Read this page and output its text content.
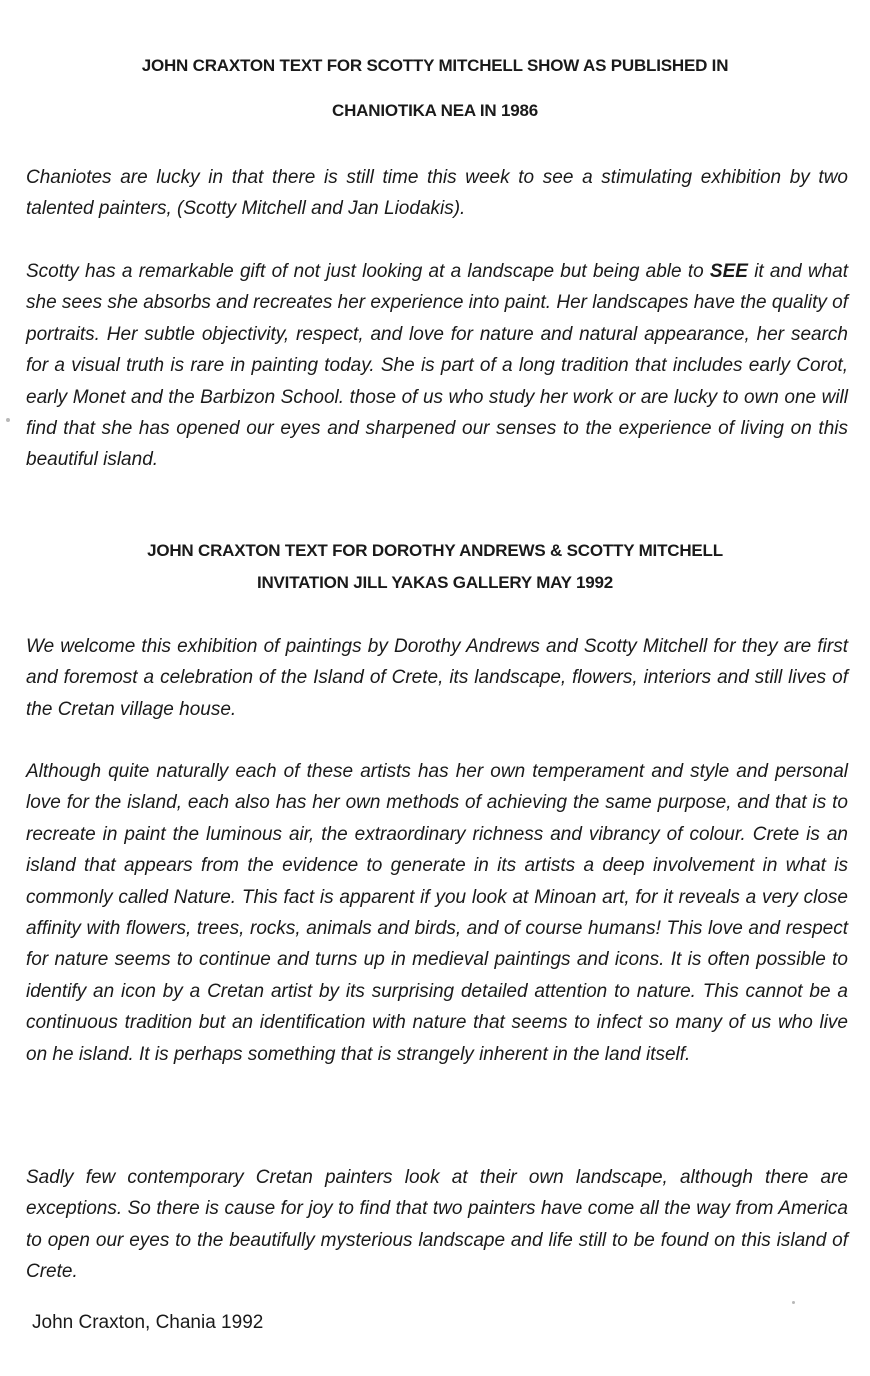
JOHN CRAXTON TEXT FOR SCOTTY MITCHELL SHOW AS PUBLISHED IN
CHANIOTIKA NEA IN 1986

Chaniotes are lucky in that there is still time this week to see a stimulating exhibition by two talented painters, (Scotty Mitchell and Jan Liodakis).

Scotty has a remarkable gift of not just looking at a landscape but being able to SEE it and what she sees she absorbs and recreates her experience into paint. Her landscapes have the quality of portraits. Her subtle objectivity, respect, and love for nature and natural appearance, her search for a visual truth is rare in painting today. She is part of a long tradition that includes early Corot, early Monet and the Barbizon School. those of us who study her work or are lucky to own one will find that she has opened our eyes and sharpened our senses to the experience of living on this beautiful island.

JOHN CRAXTON TEXT FOR DOROTHY ANDREWS & SCOTTY MITCHELL
INVITATION JILL YAKAS GALLERY MAY 1992

We welcome this exhibition of paintings by Dorothy Andrews and Scotty Mitchell for they are first and foremost a celebration of the Island of Crete, its landscape, flowers, interiors and still lives of the Cretan village house.

Although quite naturally each of these artists has her own temperament and style and personal love for the island, each also has her own methods of achieving the same purpose, and that is to recreate in paint the luminous air, the extraordinary richness and vibrancy of colour. Crete is an island that appears from the evidence to generate in its artists a deep involvement in what is commonly called Nature. This fact is apparent if you look at Minoan art, for it reveals a very close affinity with flowers, trees, rocks, animals and birds, and of course humans! This love and respect for nature seems to continue and turns up in medieval paintings and icons. It is often possible to identify an icon by a Cretan artist by its surprising detailed attention to nature. This cannot be a continuous tradition but an identification with nature that seems to infect so many of us who live on he island. It is perhaps something that is strangely inherent in the land itself.

Sadly few contemporary Cretan painters look at their own landscape, although there are exceptions. So there is cause for joy to find that two painters have come all the way from America to open our eyes to the beautifully mysterious landscape and life still to be found on this island of Crete.

John Craxton, Chania 1992
